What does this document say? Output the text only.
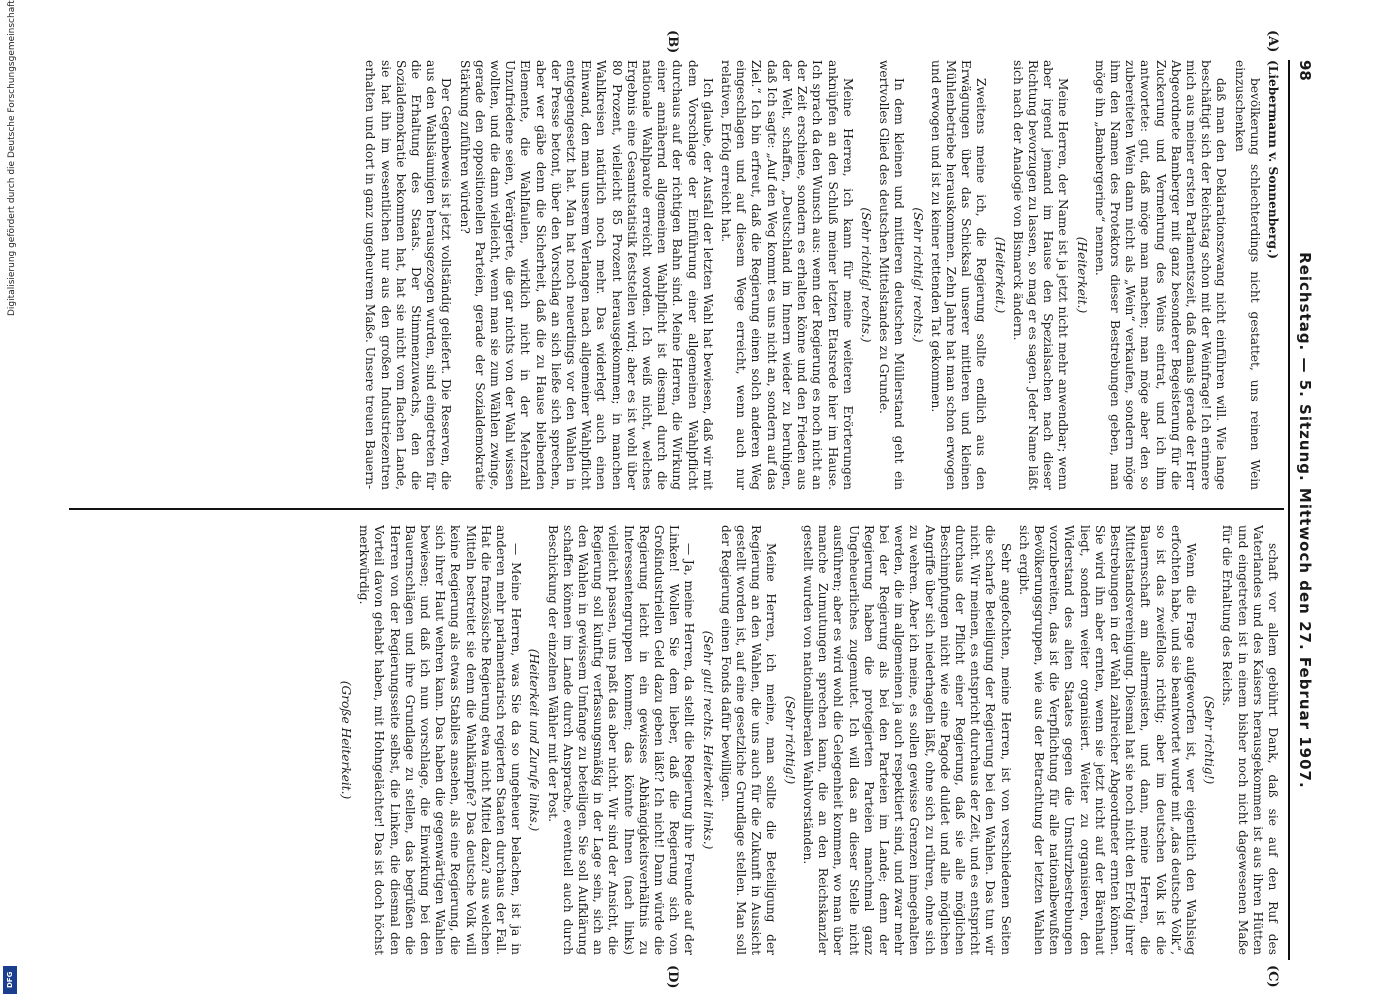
98
Reichstag. — 5. Sitzung. Mittwoch den 27. Februar 1907.
(A)
(B)
(C)
(D)

(Liebermann v. Sonnenberg.)

bevölkerung schlechterdings nicht gestattet, uns reinen Wein einzuschenken

daß man den Deklarationszwang nicht einführen will. Wie lange beschäftigt sich der Reichstag schon mit der Weinfrage! Ich erinnere mich aus meiner ersten Parlamentszeit, daß damals gerade der Herr Abgeordnete Bamberger mit ganz besonderer Begeisterung für die Zuckerung und Vermehrung des Weins eintrat, und ich ihm antwortete: gut, daß möge man machen; man möge aber den so zubereiteten Wein dann nicht als „Wein“ verkaufen, sondern möge ihm den Namen des Protektors dieser Bestrebungen geben, man möge ihn „Bambergerine“ nennen.

(Heiterkeit.)

Meine Herren, der Name ist ja jetzt nicht mehr anwendbar; wenn aber irgend jemand im Hause den Spezialsachen nach dieser Richtung bevorzugen zu lassen, so mag er es sagen. Jeder Name läßt sich nach der Analogie von Bismarck ändern.

(Heiterkeit.)

Zweitens meine ich, die Regierung sollte endlich aus den Erwägungen über das Schicksal unserer mittleren und kleinen Mühlenbetriebe herauskommen. Zehn Jahre hat man schon erwogen und erwogen und ist zu keiner rettenden Tat gekommen.

(Sehr richtig! rechts.)

In dem kleinen und mittleren deutschen Müllerstand geht ein wertvolles Glied des deutschen Mittelstandes zu Grunde.

(Sehr richtig! rechts.)

Meine Herren, ich kann für meine weiteren Erörterungen anknüpfen an den Schluß meiner letzten Etatsrede hier im Hause. Ich sprach da den Wunsch aus: wenn der Regierung es noch nicht an der Zeit erschiene, sondern es erhalten könne und den Frieden aus der Welt, schaffen, „Deutschland im Innern wieder zu beruhigen, daß Ich sagte: „Auf den Weg kommt es uns nicht an, sondern auf das Ziel.“ Ich bin erfreut, daß die Regierung einen solch anderen Weg eingeschlagen und auf diesem Wege erreicht, wenn auch nur relativen, Erfolg erreicht hat.

Ich glaube, der Ausfall der letzten Wahl hat bewiesen, daß wir mit dem Vorschlage der Einführung einer allgemeinen Wahlpflicht durchaus auf der richtigen Bahn sind. Meine Herren, die Wirkung einer annähernd allgemeinen Wahlpflicht ist diesmal durch die nationale Wahlparole erreicht worden. Ich weiß nicht, welches Ergebnis eine Gesamtstatistik feststellen wird; aber es ist wohl über 80 Prozent, vielleicht 85 Prozent herausgekommen; in manchen Wahlkreisen natürlich noch mehr. Das widerlegt auch einen Einwand, den man unserem Verlangen nach allgemeiner Wahlpflicht entgegengesetzt hat. Man hat noch neuerdings vor den Wahlen in der Presse betont, über den Vorschlag an sich ließe sich sprechen, aber wer gäbe denn die Sicherheit, daß die zu Hause bleibenden Elemente, die Wahlfaulen, wirklich nicht in der Mehrzahl Unzufriedene seien, Verärgerte, die gar nichts von der Wahl wissen wollten, und die dann vielleicht, wenn man sie zum Wählen zwinge, gerade den oppositionellen Parteien, gerade der Sozialdemokratie Stärkung zuführen würden?

Der Gegenbeweis ist jetzt vollständig geliefert. Die Reserven, die aus den Wahlsäumigen herausgezogen wurden, sind eingetreten für die Erhaltung des Staats. Der Stimmenzuwachs, den die Sozialdemokratie bekommen hat, hat sie nicht vom flachen Lande, sie hat ihn im wesentlichen nur aus den großen Industriezentren erhalten und dort in ganz ungeheurem Maße. Unsere treuen Bauern-

schaft vor allem gebührt Dank, daß sie auf den Ruf des Vaterlandes und des Kaisers herausgekommen ist aus ihren Hütten und eingetreten ist in einem bisher noch nicht dagewesenen Maße für die Erhaltung des Reichs.

(Sehr richtig!)

Wenn die Frage aufgeworfen ist, wer eigentlich den Wahlsieg erfochten habe, und sie beantwortet wurde mit „das deutsche Volk“, so ist das zweifellos richtig; aber im deutschen Volk ist die Bauernschaft am allermeisten, und dann, meine Herren, die Mittelstandsvereinigung. Diesmal hat sie noch nicht den Erfolg ihrer Bestrebungen in der Wahl zahlreicher Abgeordneter ernten können. Sie wird ihn aber ernten, wenn sie jetzt nicht auf der Bärenhaut liegt, sondern weiter organisiert. Weiter zu organisieren, den Widerstand des alten Staates gegen die Umsturzbestrebungen vorzubereiten, das ist die Verpflichtung für alle nationalbewußten Bevölkerungsgruppen, wie aus der Betrachtung der letzten Wahlen sich ergibt.

Sehr angefochten, meine Herren, ist von verschiedenen Seiten die scharfe Beteiligung der Regierung bei den Wahlen. Das tun wir nicht. Wir meinen, es entspricht durchaus der Zeit, und es entspricht durchaus der Pflicht einer Regierung, daß sie alle möglichen Beschimpfungen nicht wie eine Pagode duldet und alle möglichen Angriffe über sich niederhageln läßt, ohne sich zu rühren, ohne sich zu wehren. Aber ich meine, es sollen gewisse Grenzen innegehalten werden, die im allgemeinen ja auch respektiert sind, und zwar mehr bei der Regierung als bei den Parteien im Lande; denn der Regierung haben die protegierten Parteien manchmal ganz Ungeheuerliches zugemutet. Ich will das an dieser Stelle nicht ausführen; aber es wird wohl die Gelegenheit kommen, wo man über manche Zumutungen sprechen kann, die an den Reichskanzler gestellt wurden von nationalliberalen Wahlvorständen.

(Sehr richtig!)

Meine Herren, ich meine, man sollte die Beteiligung der Regierung an den Wahlen, die uns auch für die Zukunft in Aussicht gestellt worden ist, auf eine gesetzliche Grundlage stellen. Man soll der Regierung einen Fonds dafür bewilligen.

(Sehr gut! rechts. Heiterkeit links.)

— Ja, meine Herren, da stellt die Regierung ihre Freunde auf der Linken! Wollen Sie dem lieber, daß die Regierung sich von Großindustriellen Geld dazu geben läßt? Ich nicht! Dann würde die Regierung leicht in ein gewisses Abhängigkeitsverhältnis zu Interessentengruppen kommen; das könnte Ihnen (nach links) vielleicht passen, uns paßt das aber nicht. Wir sind der Ansicht, die Regierung soll künftig verfassungsmäßig in der Lage sein, sich an den Wahlen in gewissem Umfange zu beteiligen. Sie soll Aufklärung schaffen können im Lande durch Ansprache, eventuell auch durch Beschickung der einzelnen Wähler mit der Post.

(Heiterkeit und Zurufe links.)

— Meine Herren, was Sie da so ungeheuer belachen, ist ja in anderen mehr parlamentarisch regierten Staaten durchaus der Fall. Hat die französische Regierung etwa nicht Mittel dazu? aus welchen Mitteln bestreitet sie denn die Wahlkämpfe? Das deutsche Volk will keine Regierung als etwas Stabiles ansehen, als eine Regierung, die sich ihrer Haut wehren kann. Das haben die gegenwärtigen Wahlen bewiesen; und daß ich nun vorschlage, die Einwirkung bei den Bauernschlägen und ihre Grundlage zu stellen, das begrüßen die Herren von der Regierungsseite selbst, die Linken, die diesmal den Vorteil davon gehabt haben, mit Hohngelächter! Das ist doch höchst merkwürdig.

(Große Heiterkeit.)

Digitalisierung gefördert durch die Deutsche Forschungsgemeinschaft
DFG
